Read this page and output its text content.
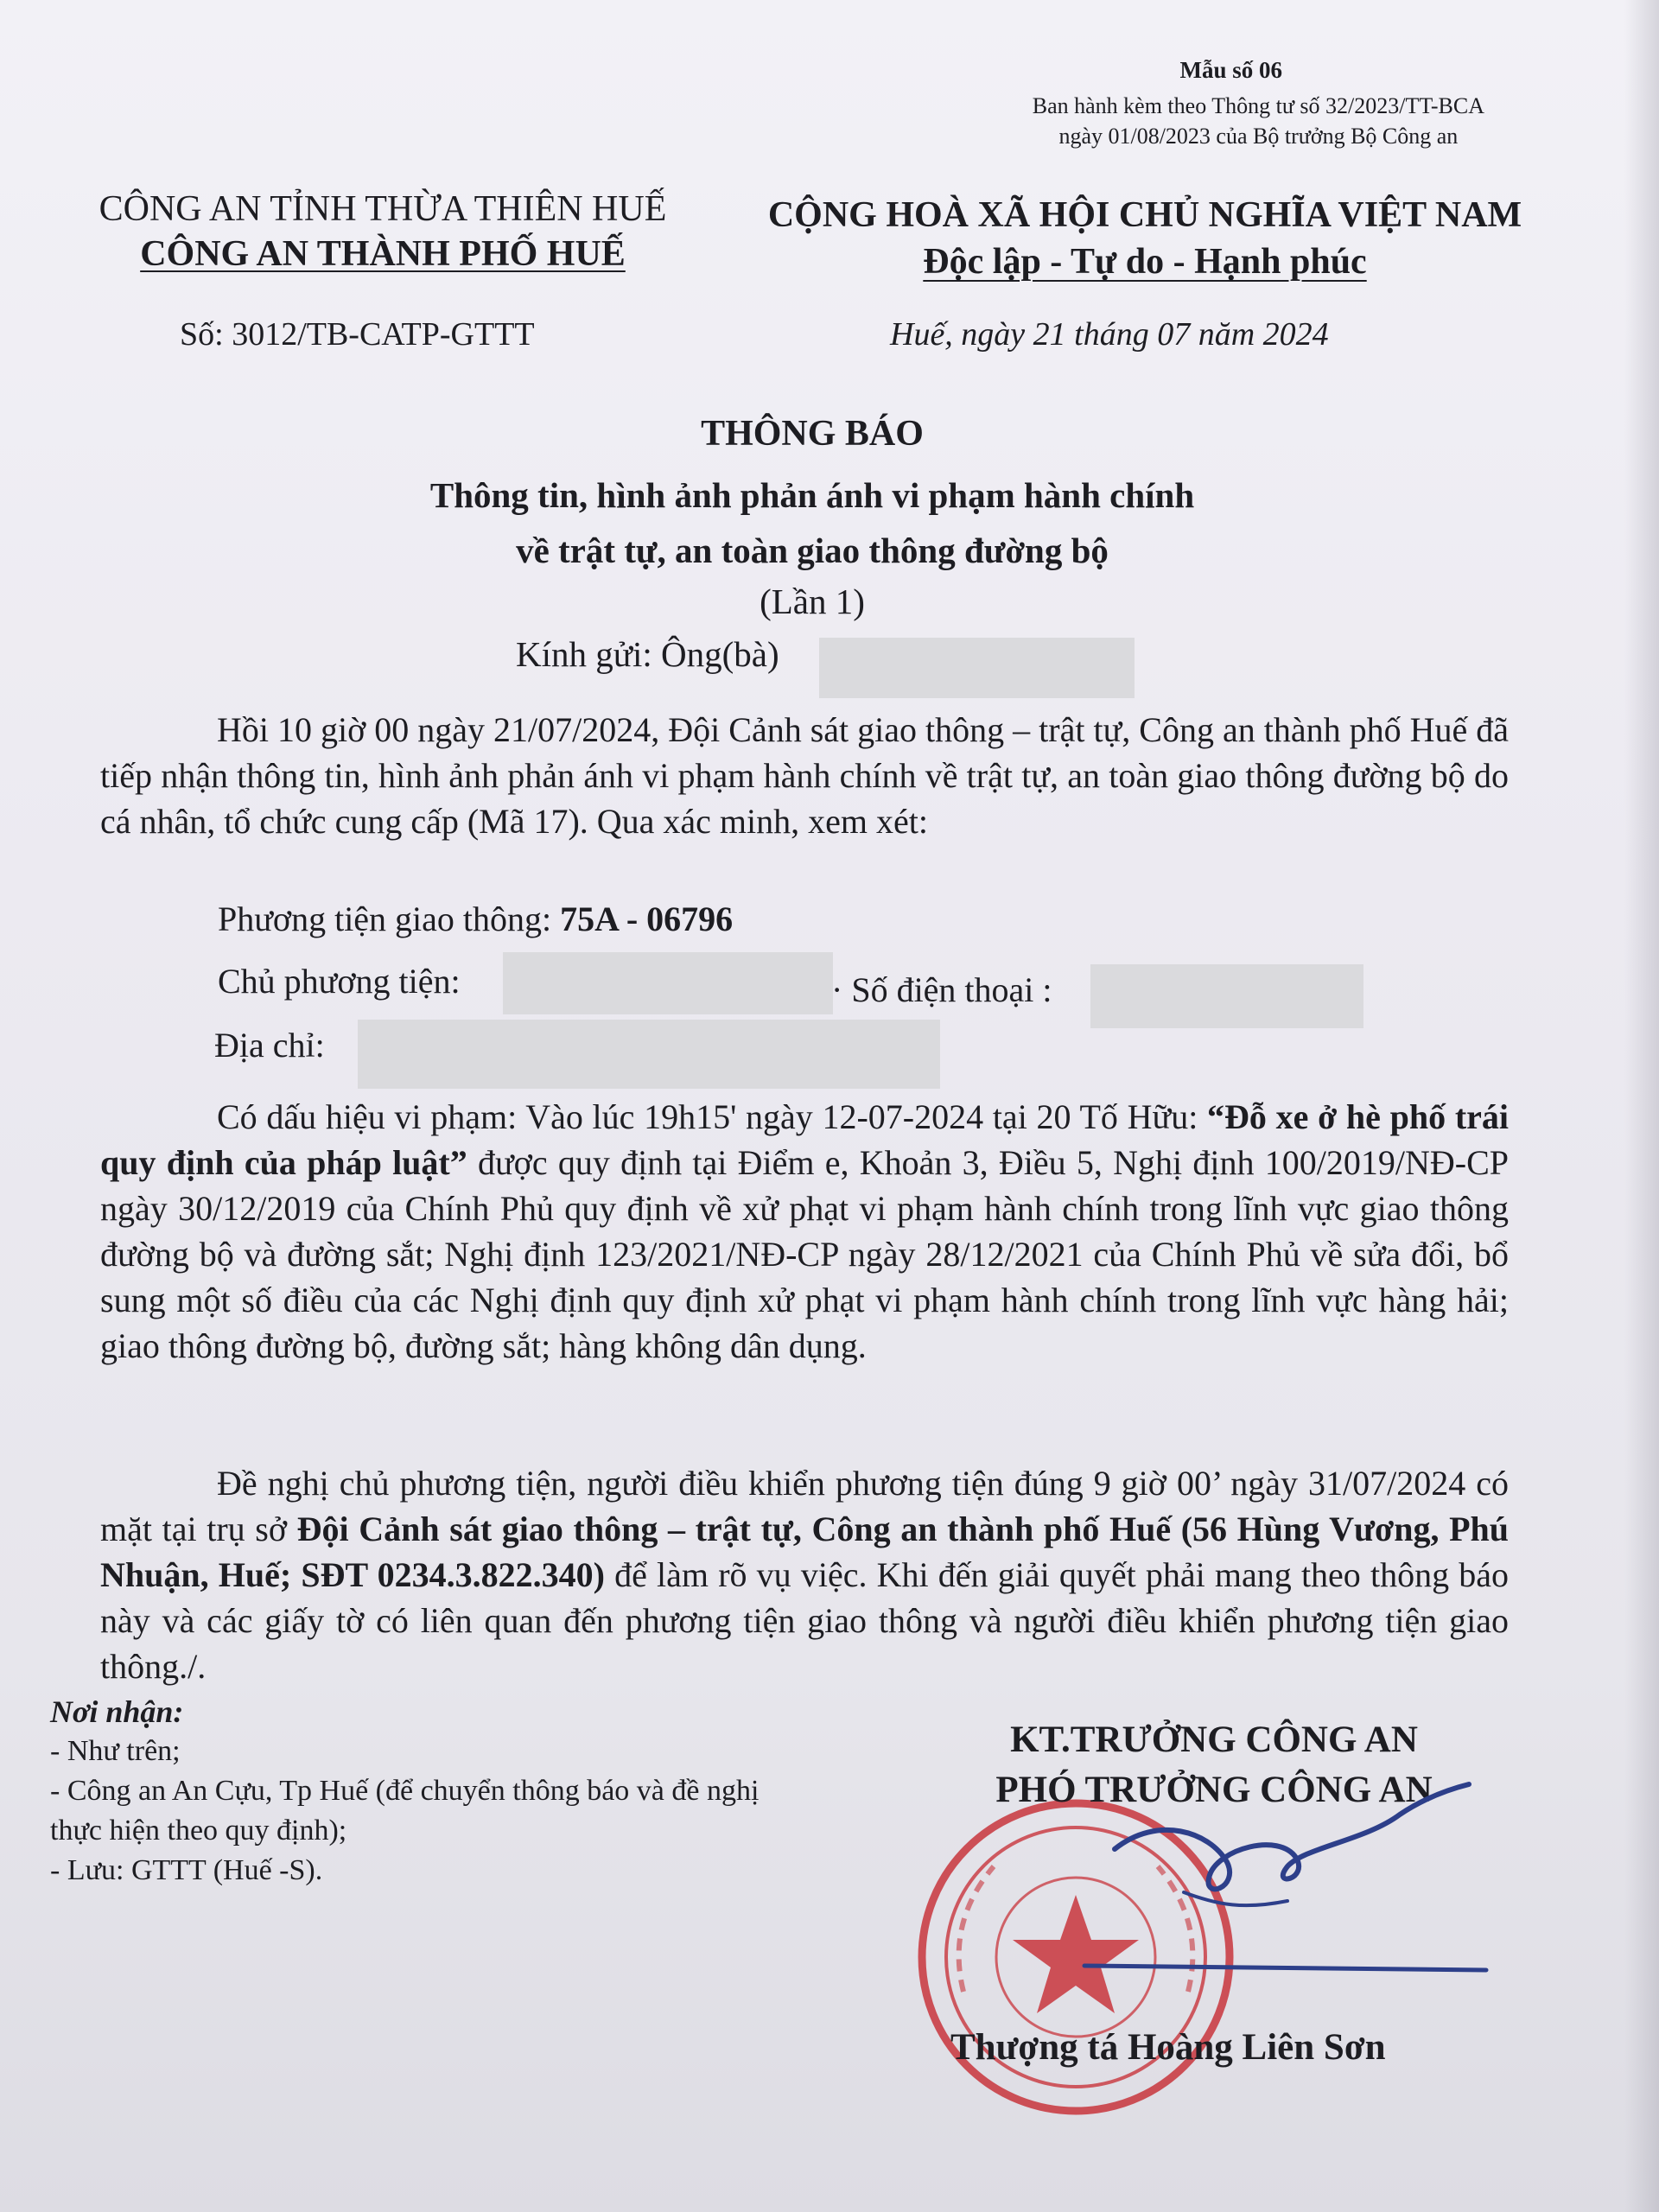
Mẫu số 06
Ban hành kèm theo Thông tư số 32/2023/TT-BCA
ngày 01/08/2023 của Bộ trưởng Bộ Công an
CÔNG AN TỈNH THỪA THIÊN HUẾ
CÔNG AN THÀNH PHỐ HUẾ
CỘNG HOÀ XÃ HỘI CHỦ NGHĨA VIỆT NAM
Độc lập - Tự do - Hạnh phúc
Số: 3012/TB-CATP-GTTT	Huế, ngày 21 tháng 07 năm 2024
THÔNG BÁO
Thông tin, hình ảnh phản ánh vi phạm hành chính
về trật tự, an toàn giao thông đường bộ
(Lần 1)
Kính gửi: Ông(bà)
Hồi 10 giờ 00 ngày 21/07/2024, Đội Cảnh sát giao thông – trật tự, Công an thành phố Huế đã tiếp nhận thông tin, hình ảnh phản ánh vi phạm hành chính về trật tự, an toàn giao thông đường bộ do cá nhân, tổ chức cung cấp (Mã 17). Qua xác minh, xem xét:
Phương tiện giao thông: 75A - 06796
Chủ phương tiện:	· Số điện thoại :
Địa chỉ:
Có dấu hiệu vi phạm: Vào lúc 19h15' ngày 12-07-2024 tại 20 Tố Hữu: “Đỗ xe ở hè phố trái quy định của pháp luật” được quy định tại Điểm e, Khoản 3, Điều 5, Nghị định 100/2019/NĐ-CP ngày 30/12/2019 của Chính Phủ quy định về xử phạt vi phạm hành chính trong lĩnh vực giao thông đường bộ và đường sắt; Nghị định 123/2021/NĐ-CP ngày 28/12/2021 của Chính Phủ về sửa đổi, bổ sung một số điều của các Nghị định quy định xử phạt vi phạm hành chính trong lĩnh vực hàng hải; giao thông đường bộ, đường sắt; hàng không dân dụng.
Đề nghị chủ phương tiện, người điều khiển phương tiện đúng 9 giờ 00’ ngày 31/07/2024 có mặt tại trụ sở Đội Cảnh sát giao thông – trật tự, Công an thành phố Huế (56 Hùng Vương, Phú Nhuận, Huế; SĐT 0234.3.822.340) để làm rõ vụ việc. Khi đến giải quyết phải mang theo thông báo này và các giấy tờ có liên quan đến phương tiện giao thông và người điều khiển phương tiện giao thông./.
Nơi nhận:
- Như trên;
- Công an An Cựu, Tp Huế (để chuyển thông báo và đề nghị thực hiện theo quy định);
- Lưu: GTTT (Huế -S).
KT.TRƯỞNG CÔNG AN
PHÓ TRƯỞNG CÔNG AN
Thượng tá Hoàng Liên Sơn
